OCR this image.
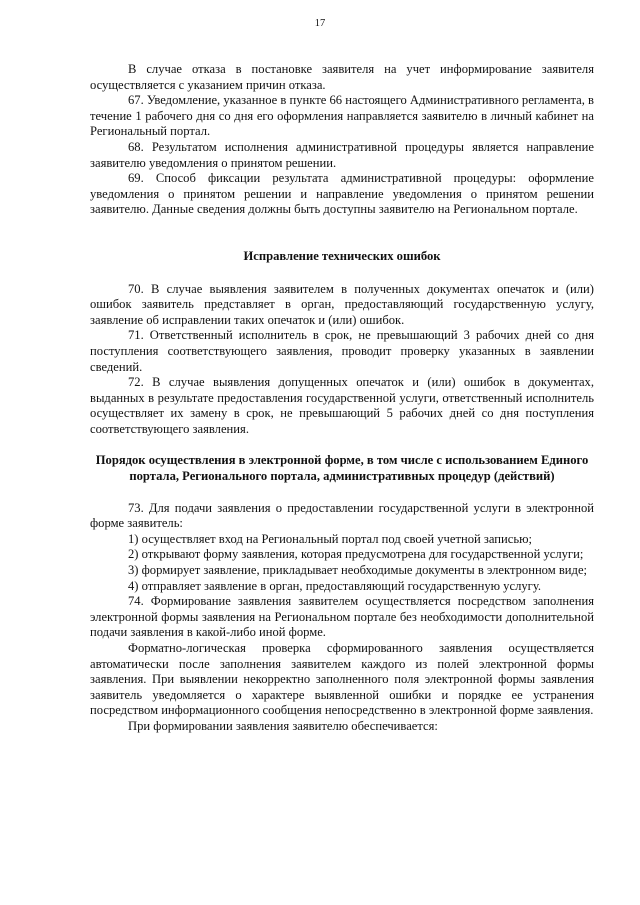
17

В случае отказа в постановке заявителя на учет информирование заявителя осуществляется с указанием причин отказа.

67. Уведомление, указанное в пункте 66 настоящего Административного регламента, в течение 1 рабочего дня со дня его оформления направляется заявителю в личный кабинет на Региональный портал.

68. Результатом исполнения административной процедуры является направление заявителю уведомления о принятом решении.

69. Способ фиксации результата административной процедуры: оформление уведомления о принятом решении и направление уведомления о принятом решении заявителю. Данные сведения должны быть доступны заявителю на Региональном портале.

Исправление технических ошибок

70. В случае выявления заявителем в полученных документах опечаток и (или) ошибок заявитель представляет в орган, предоставляющий государственную услугу, заявление об исправлении таких опечаток и (или) ошибок.

71. Ответственный исполнитель в срок, не превышающий 3 рабочих дней со дня поступления соответствующего заявления, проводит проверку указанных в заявлении сведений.

72. В случае выявления допущенных опечаток и (или) ошибок в документах, выданных в результате предоставления государственной услуги, ответственный исполнитель осуществляет их замену в срок, не превышающий 5 рабочих дней со дня поступления соответствующего заявления.

Порядок осуществления в электронной форме, в том числе с использованием Единого портала, Регионального портала, административных процедур (действий)

73. Для подачи заявления о предоставлении государственной услуги в электронной форме заявитель:

1) осуществляет вход на Региональный портал под своей учетной записью;

2) открывают форму заявления, которая предусмотрена для государственной услуги;

3) формирует заявление, прикладывает необходимые документы в электронном виде;

4) отправляет заявление в орган, предоставляющий государственную услугу.

74. Формирование заявления заявителем осуществляется посредством заполнения электронной формы заявления на Региональном портале без необходимости дополнительной подачи заявления в какой-либо иной форме.

Форматно-логическая проверка сформированного заявления осуществляется автоматически после заполнения заявителем каждого из полей электронной формы заявления. При выявлении некорректно заполненного поля электронной формы заявления заявитель уведомляется о характере выявленной ошибки и порядке ее устранения посредством информационного сообщения непосредственно в электронной форме заявления.

При формировании заявления заявителю обеспечивается:
